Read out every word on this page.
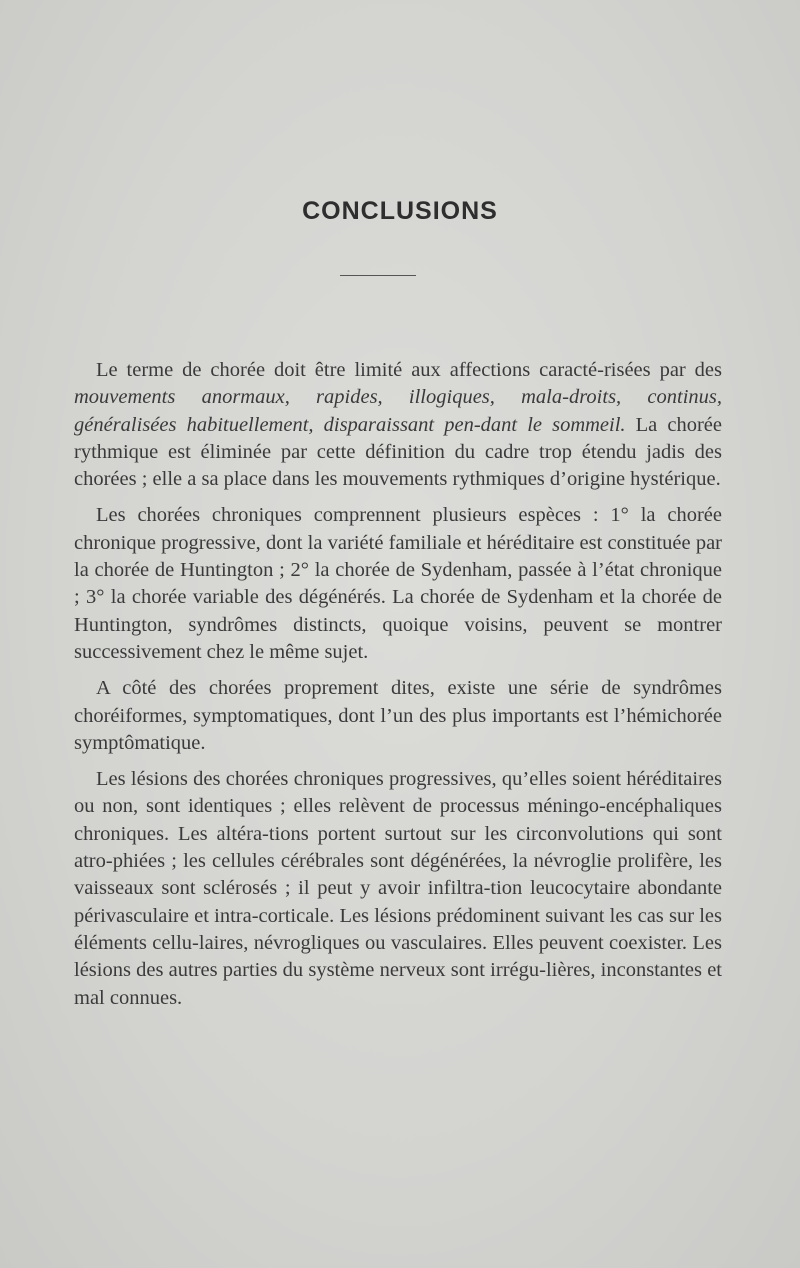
CONCLUSIONS

Le terme de chorée doit être limité aux affections caracté-risées par des mouvements anormaux, rapides, illogiques, mala-droits, continus, généralisées habituellement, disparaissant pen-dant le sommeil. La chorée rythmique est éliminée par cette définition du cadre trop étendu jadis des chorées ; elle a sa place dans les mouvements rythmiques d’origine hystérique.

Les chorées chroniques comprennent plusieurs espèces : 1° la chorée chronique progressive, dont la variété familiale et héréditaire est constituée par la chorée de Huntington ; 2° la chorée de Sydenham, passée à l’état chronique ; 3° la chorée variable des dégénérés. La chorée de Sydenham et la chorée de Huntington, syndrômes distincts, quoique voisins, peuvent se montrer successivement chez le même sujet.

A côté des chorées proprement dites, existe une série de syndrômes choréiformes, symptomatiques, dont l’un des plus importants est l’hémichorée symptômatique.

Les lésions des chorées chroniques progressives, qu’elles soient héréditaires ou non, sont identiques ; elles relèvent de processus méningo-encéphaliques chroniques. Les altéra-tions portent surtout sur les circonvolutions qui sont atro-phiées ; les cellules cérébrales sont dégénérées, la névroglie prolifère, les vaisseaux sont sclérosés ; il peut y avoir infiltra-tion leucocytaire abondante périvasculaire et intra-corticale. Les lésions prédominent suivant les cas sur les éléments cellu-laires, névrogliques ou vasculaires. Elles peuvent coexister. Les lésions des autres parties du système nerveux sont irrégu-lières, inconstantes et mal connues.
